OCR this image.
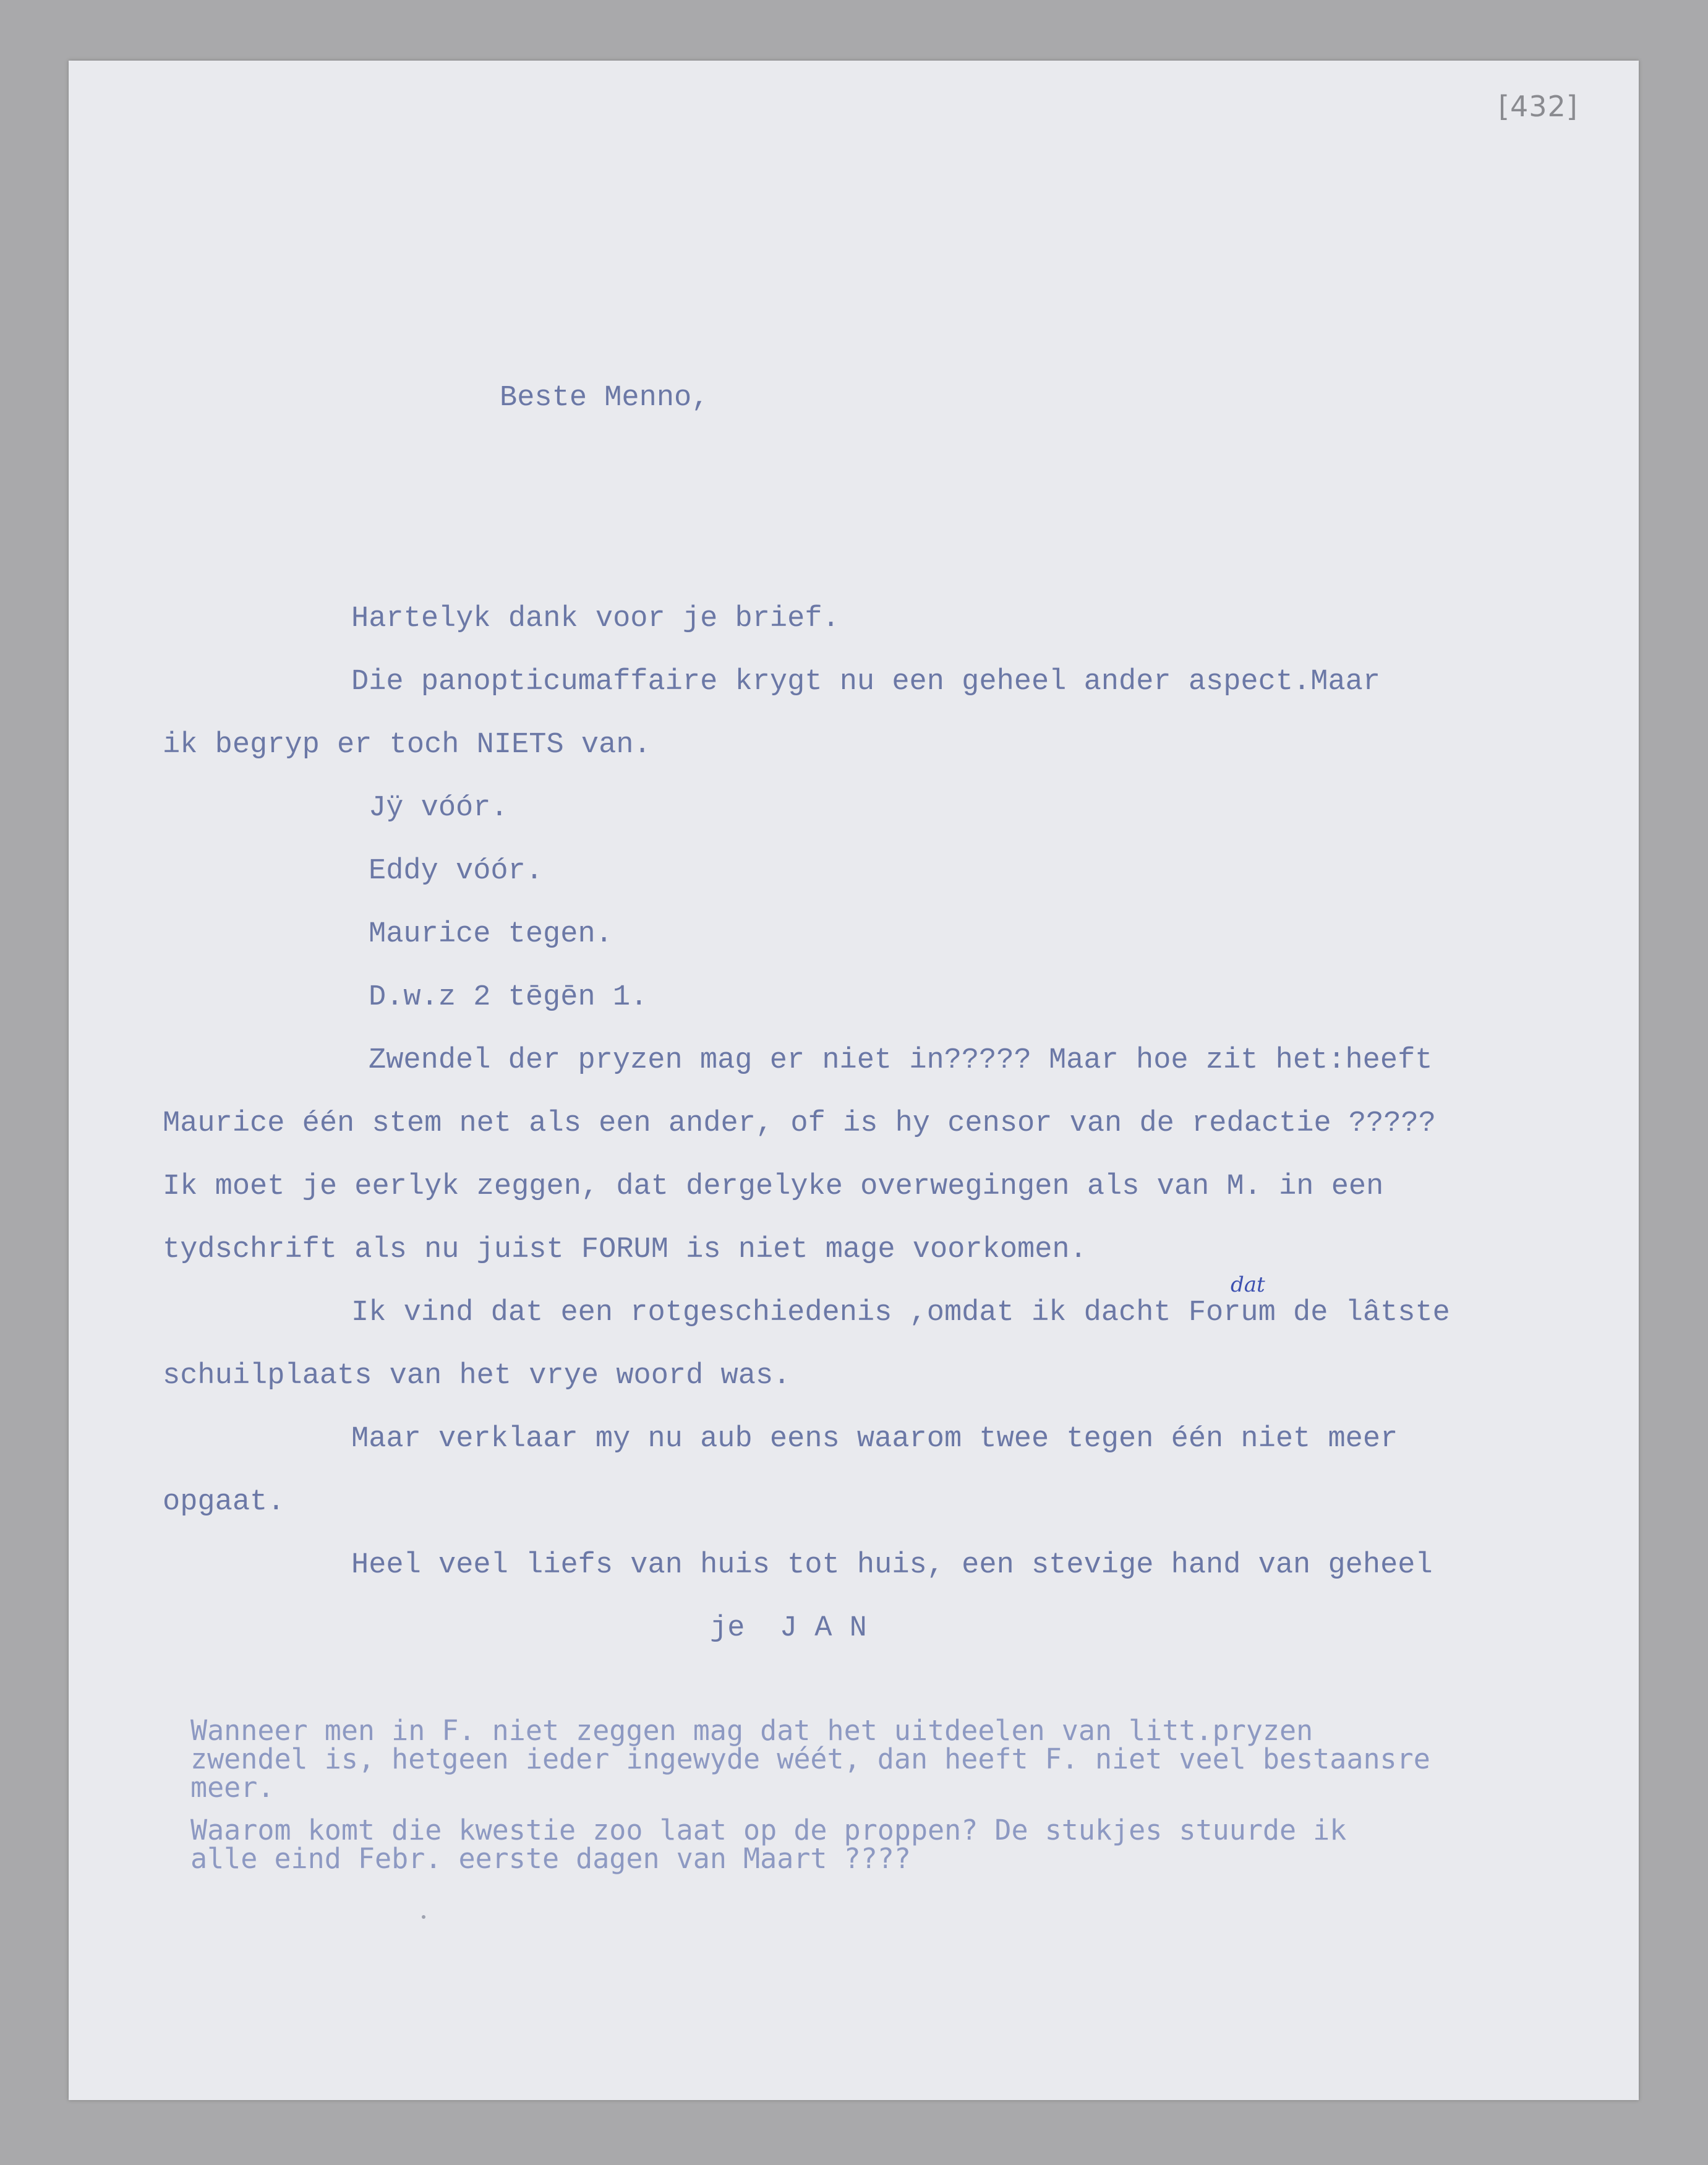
[432]
Beste Menno,
Hartelyk dank voor je brief.
Die panopticumaffaire krygt nu een geheel ander aspect.Maar
ik begryp er toch NIETS van.
Jÿ vóór.
Eddy vóór.
Maurice tegen.
D.w.z 2 tēgēn 1.
Zwendel der pryzen mag er niet in????? Maar hoe zit het:heeft
Maurice één stem net als een ander, of is hy censor van de redactie ?????
Ik moet je eerlyk zeggen, dat dergelyke overwegingen als van M. in een
tydschrift als nu juist FORUM is niet mage voorkomen.
Ik vind dat een rotgeschiedenis ,omdat ik dacht Forum de lâtste
schuilplaats van het vrye woord was.
Maar verklaar my nu aub eens waarom twee tegen één niet meer
opgaat.
Heel veel liefs van huis tot huis, een stevige hand van geheel
dat
je  J A N
Wanneer men in F. niet zeggen mag dat het uitdeelen van litt.pryzen
zwendel is, hetgeen ieder ingewyde wéét, dan heeft F. niet veel bestaansre
meer.
Waarom komt die kwestie zoo laat op de proppen? De stukjes stuurde ik
alle eind Febr. eerste dagen van Maart ????
